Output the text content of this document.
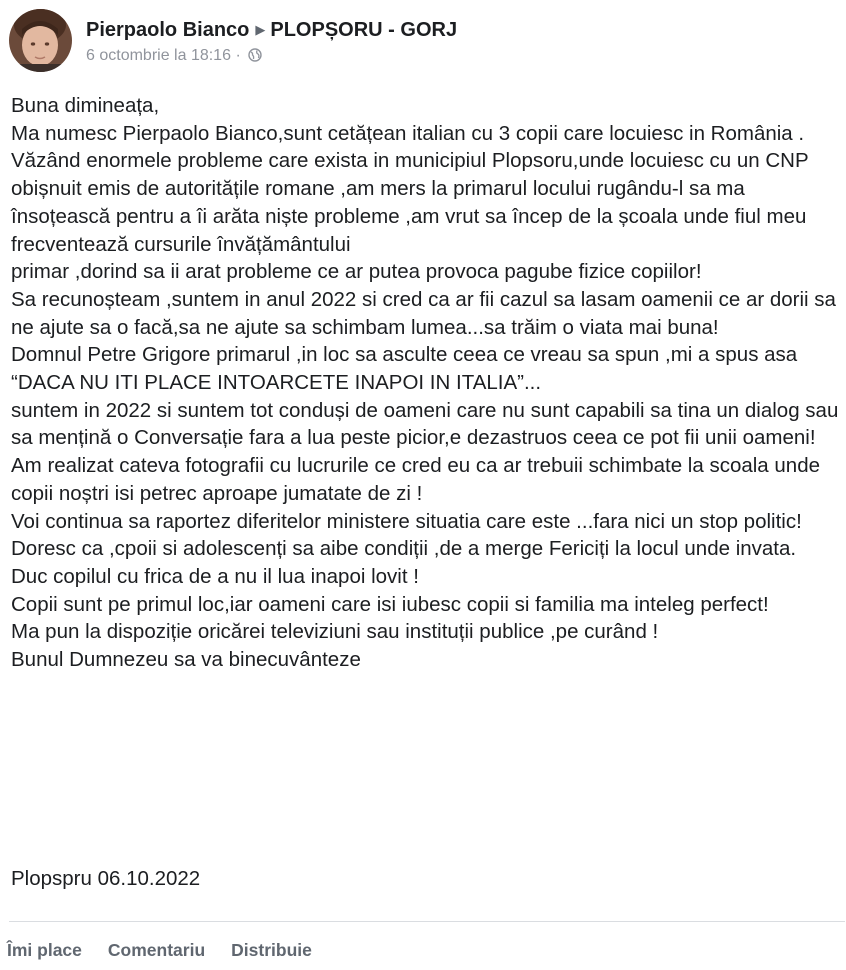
Pierpaolo Bianco ▶ PLOPȘORU - GORJ
6 octombrie la 18:16 ·

Buna dimineața,

Ma numesc Pierpaolo Bianco,sunt cetățean italian cu 3 copii care locuiesc in România .

Văzând enormele probleme care exista in municipiul Plopsoru,unde locuiesc cu un CNP obișnuit emis de autoritățile romane ,am mers la primarul locului rugându-l sa ma însoțească pentru a îi arăta niște probleme ,am vrut sa încep de la școala unde fiul meu frecventează cursurile învățământului

primar ,dorind sa ii arat probleme ce ar putea provoca pagube fizice copiilor!

Sa recunoșteam ,suntem in anul 2022 si cred ca ar fii cazul sa lasam oamenii ce ar dorii sa ne ajute sa o facă,sa ne ajute sa schimbam lumea...sa trăim o viata mai buna!

Domnul Petre Grigore primarul ,in loc sa asculte ceea ce vreau sa spun ,mi a spus asa “DACA NU ITI PLACE INTOARCETE INAPOI IN ITALIA”...

suntem in 2022 si suntem tot conduși de oameni care nu sunt capabili sa tina un dialog sau sa mențină o Conversație fara a lua peste picior,e dezastruos ceea ce pot fii unii oameni!

Am realizat cateva fotografii cu lucrurile ce cred eu ca ar trebuii schimbate la scoala unde copii noștri isi petrec aproape jumatate de zi !

Voi continua sa raportez diferitelor ministere situatia care este ...fara nici un stop politic!

Doresc ca ,cpoii si adolescenți sa aibe condiții ,de a merge Fericiți la locul unde invata.

Duc copilul cu frica de a nu il lua inapoi lovit !

Copii sunt pe primul loc,iar oameni care isi iubesc copii si familia ma inteleg perfect!

Ma pun la dispoziție oricărei televiziuni sau instituții publice ,pe curând !

Bunul Dumnezeu sa va binecuvânteze

Plopspru 06.10.2022
Îmi place Comentariu Distribuie
